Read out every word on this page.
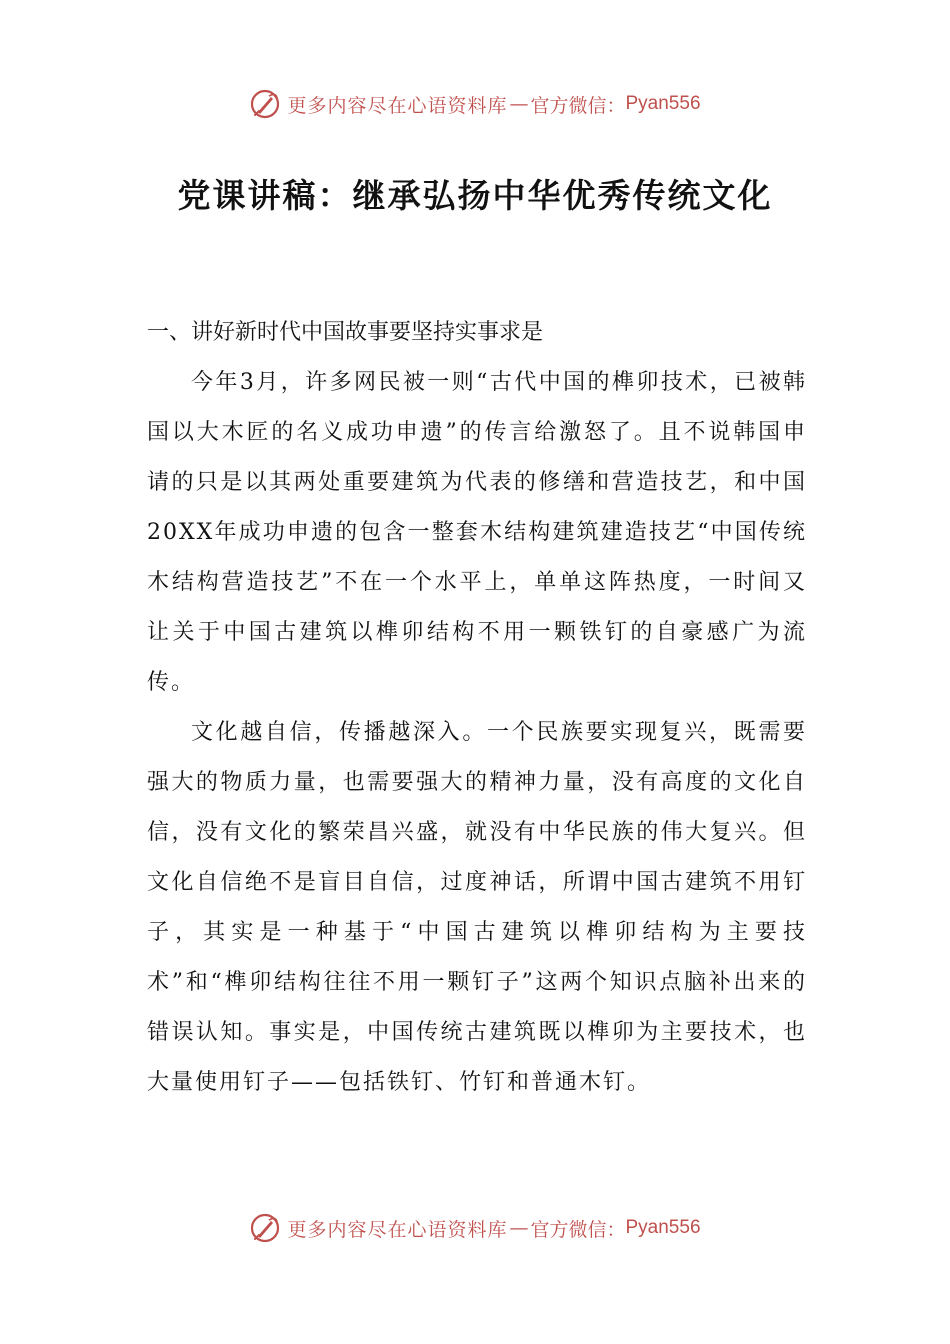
更多内容尽在心语资料库 — 官方微信： Pyan556
党课讲稿：继承弘扬中华优秀传统文化

一、讲好新时代中国故事要坚持实事求是

今年3月，许多网民被一则“古代中国的榫卯技术，已被韩国以大木匠的名义成功申遗”的传言给激怒了。且不说韩国申请的只是以其两处重要建筑为代表的修缮和营造技艺，和中国20XX年成功申遗的包含一整套木结构建筑建造技艺“中国传统木结构营造技艺”不在一个水平上，单单这阵热度，一时间又让关于中国古建筑以榫卯结构不用一颗铁钉的自豪感广为流传。

文化越自信，传播越深入。一个民族要实现复兴，既需要强大的物质力量，也需要强大的精神力量，没有高度的文化自信，没有文化的繁荣昌兴盛，就没有中华民族的伟大复兴。但文化自信绝不是盲目自信，过度神话，所谓中国古建筑不用钉子，其实是一种基于“中国古建筑以榫卯结构为主要技术”和“榫卯结构往往不用一颗钉子”这两个知识点脑补出来的错误认知。事实是，中国传统古建筑既以榫卯为主要技术，也大量使用钉子——包括铁钉、竹钉和普通木钉。

更多内容尽在心语资料库 — 官方微信： Pyan556
